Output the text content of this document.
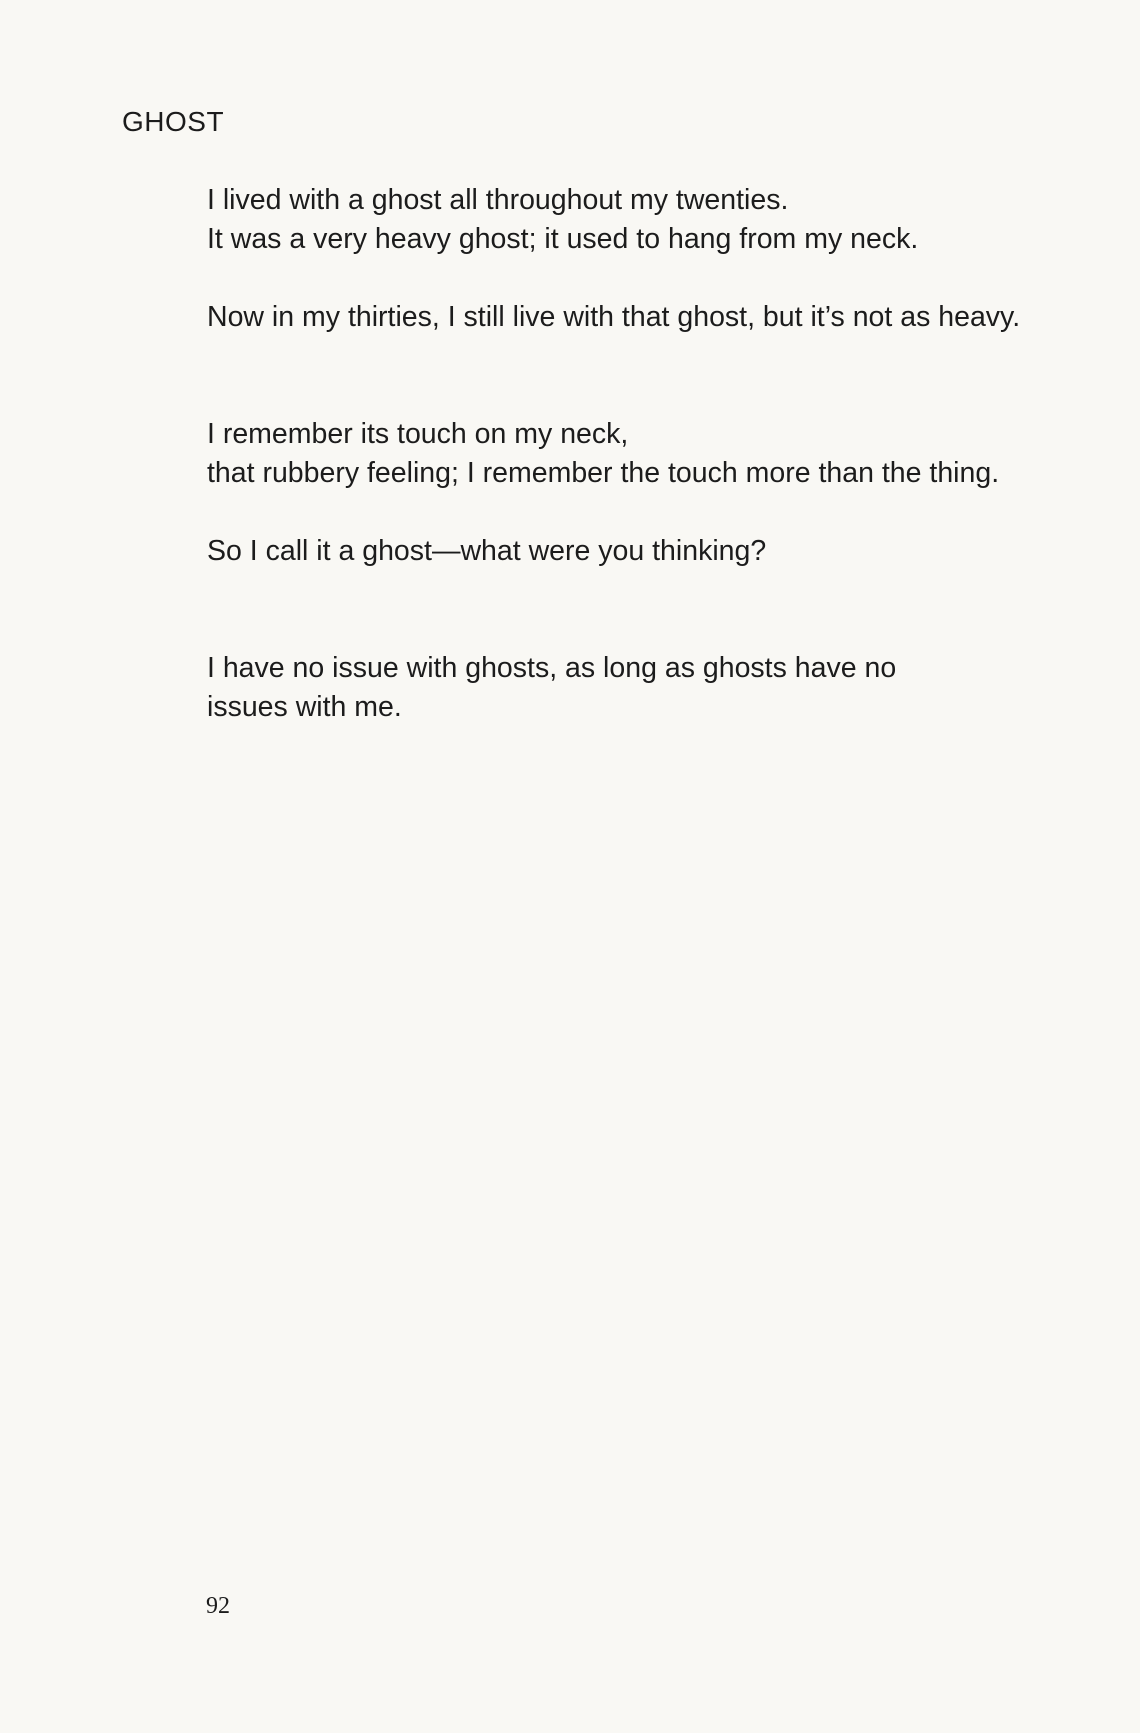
GHOST
I lived with a ghost all throughout my twenties.
It was a very heavy ghost; it used to hang from my neck.
Now in my thirties, I still live with that ghost, but it’s not as heavy.
I remember its touch on my neck,
that rubbery feeling; I remember the touch more than the thing.
So I call it a ghost—what were you thinking?
I have no issue with ghosts, as long as ghosts have no
issues with me.
92
